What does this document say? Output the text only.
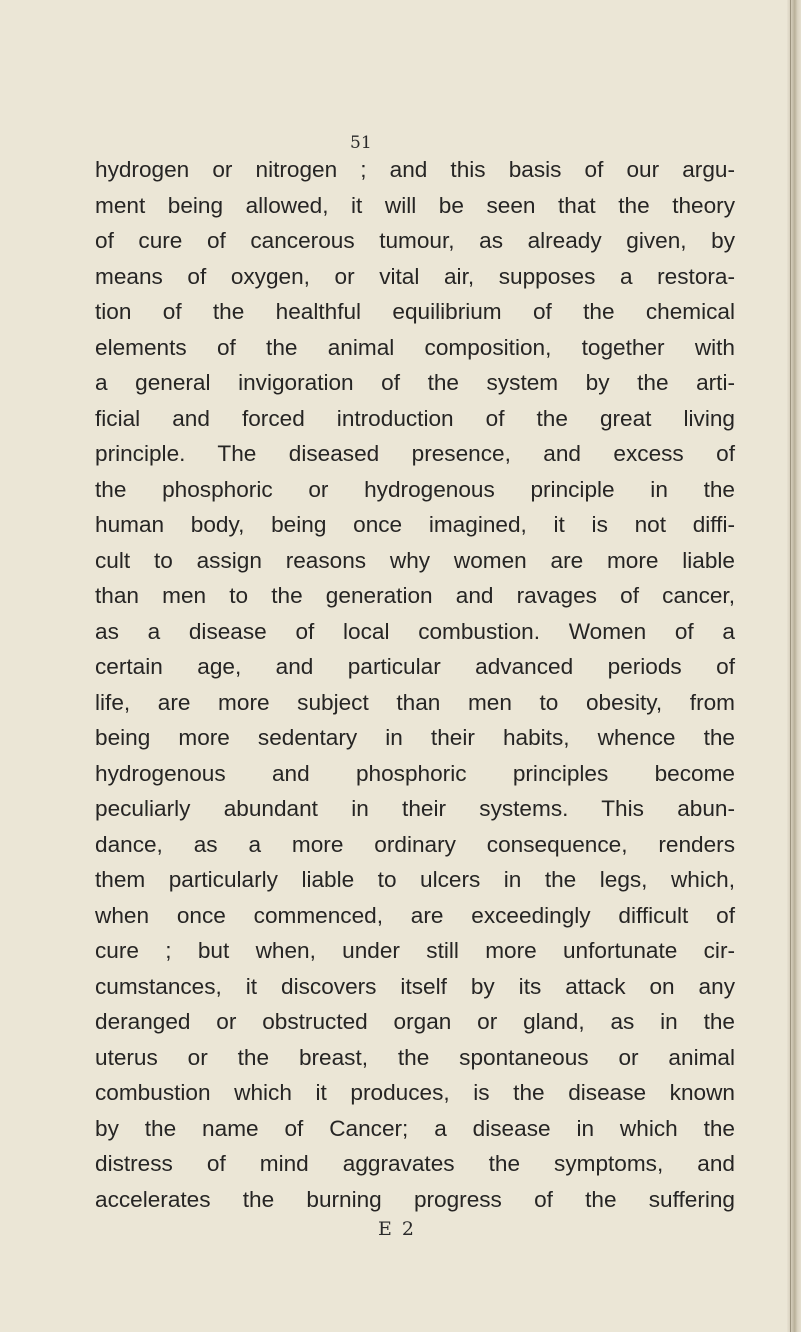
51
hydrogen or nitrogen ; and this basis of our argu-
ment being allowed, it will be seen that the theory
of cure of cancerous tumour, as already given, by
means of oxygen, or vital air, supposes a restora-
tion of the healthful equilibrium of the chemical
elements of the animal composition, together with
a general invigoration of the system by the arti-
ficial and forced introduction of the great living
principle. The diseased presence, and excess of
the phosphoric or hydrogenous principle in the
human body, being once imagined, it is not diffi-
cult to assign reasons why women are more liable
than men to the generation and ravages of cancer,
as a disease of local combustion. Women of a
certain age, and particular advanced periods of
life, are more subject than men to obesity, from
being more sedentary in their habits, whence the
hydrogenous and phosphoric principles become
peculiarly abundant in their systems. This abun-
dance, as a more ordinary consequence, renders
them particularly liable to ulcers in the legs, which,
when once commenced, are exceedingly difficult of
cure ; but when, under still more unfortunate cir-
cumstances, it discovers itself by its attack on any
deranged or obstructed organ or gland, as in the
uterus or the breast, the spontaneous or animal
combustion which it produces, is the disease known
by the name of Cancer; a disease in which the
distress of mind aggravates the symptoms, and
accelerates the burning progress of the suffering
E 2
